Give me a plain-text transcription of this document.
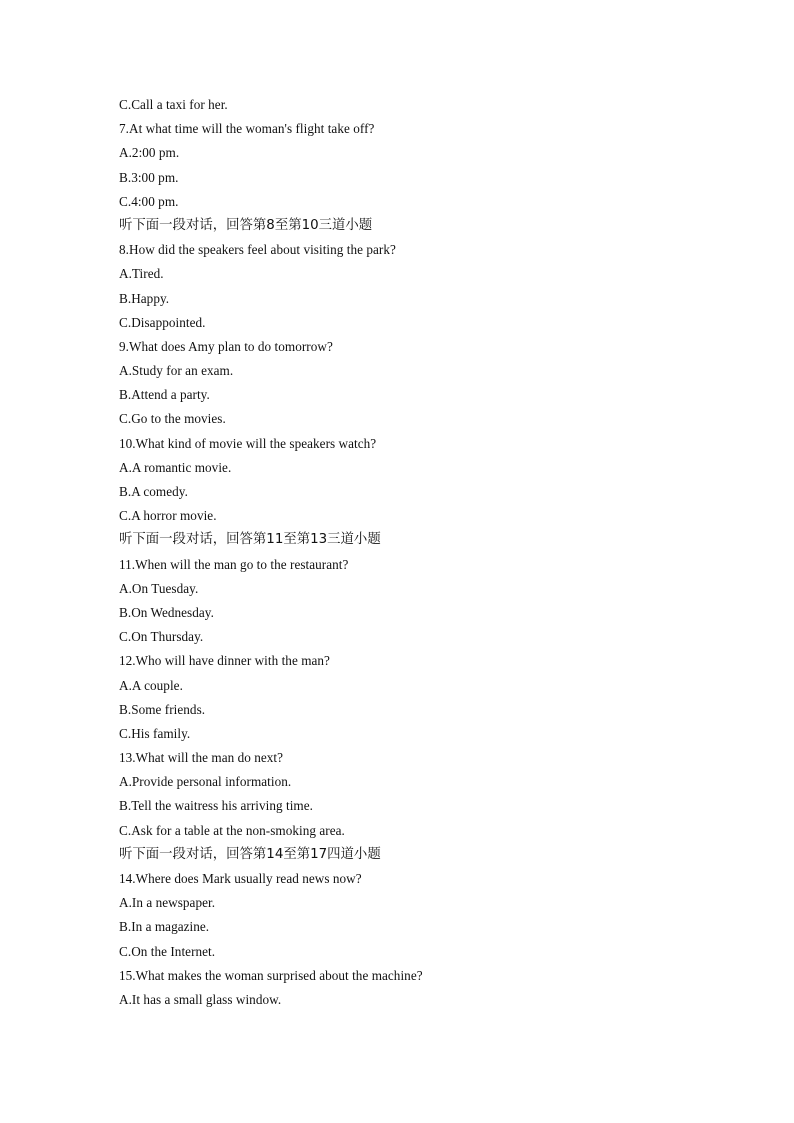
C.Call a taxi for her.
7.At what time will the woman's flight take off?
A.2:00 pm.
B.3:00 pm.
C.4:00 pm.
听下面一段对话，回答第8至第10三道小题
8.How did the speakers feel about visiting the park?
A.Tired.
B.Happy.
C.Disappointed.
9.What does Amy plan to do tomorrow?
A.Study for an exam.
B.Attend a party.
C.Go to the movies.
10.What kind of movie will the speakers watch?
A.A romantic movie.
B.A comedy.
C.A horror movie.
听下面一段对话，回答第11至第13三道小题
11.When will the man go to the restaurant?
A.On Tuesday.
B.On Wednesday.
C.On Thursday.
12.Who will have dinner with the man?
A.A couple.
B.Some friends.
C.His family.
13.What will the man do next?
A.Provide personal information.
B.Tell the waitress his arriving time.
C.Ask for a table at the non-smoking area.
听下面一段对话，回答第14至第17四道小题
14.Where does Mark usually read news now?
A.In a newspaper.
B.In a magazine.
C.On the Internet.
15.What makes the woman surprised about the machine?
A.It has a small glass window.
